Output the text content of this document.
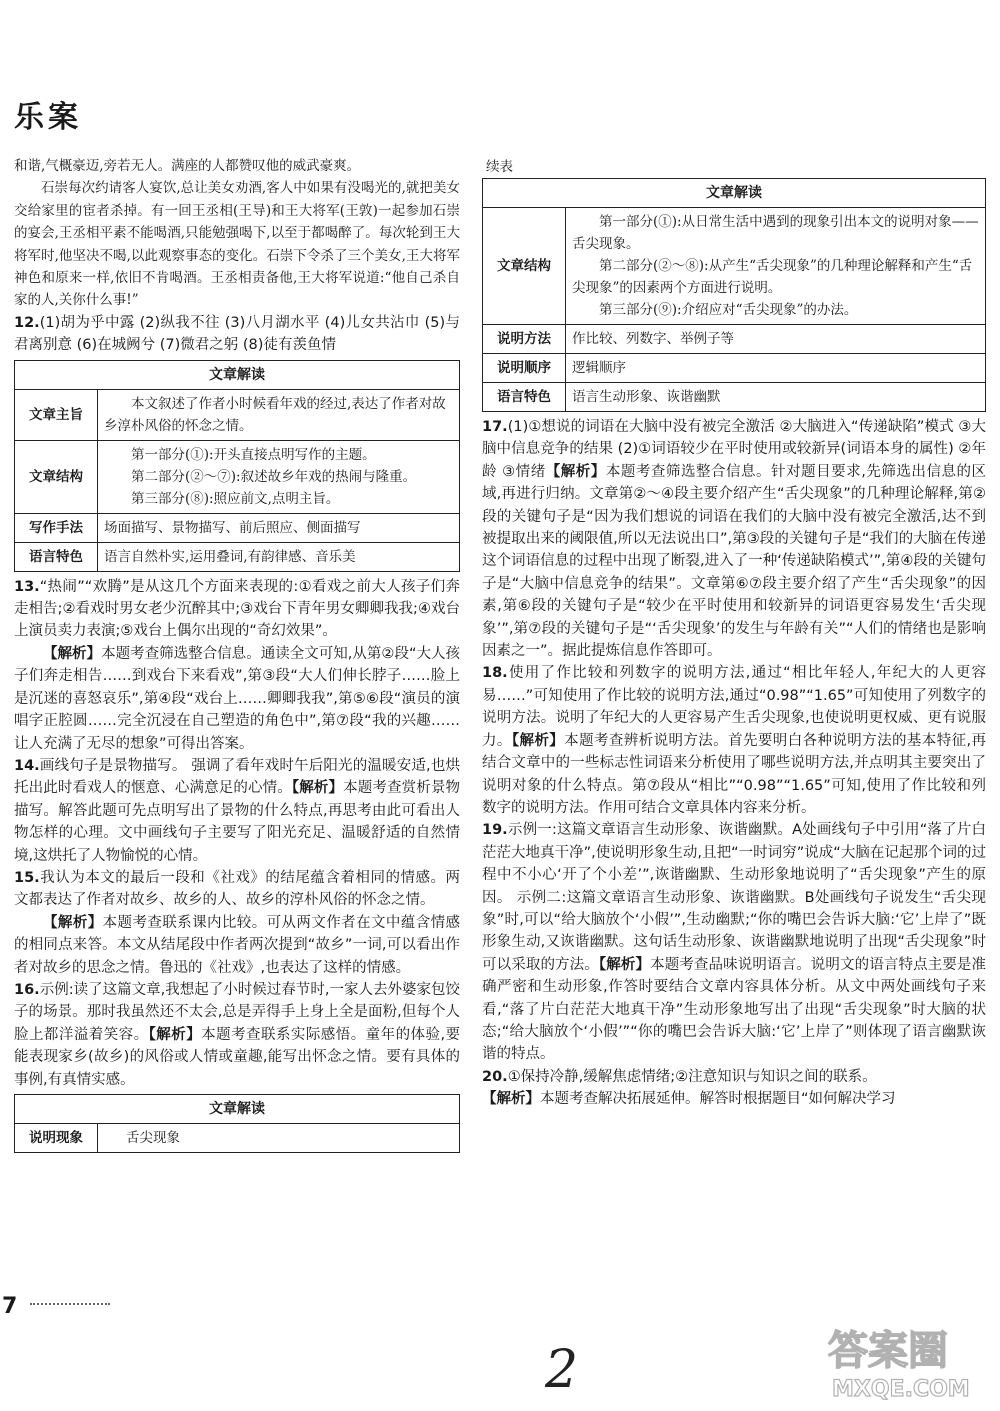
乐案

和谐,气概豪迈,旁若无人。满座的人都赞叹他的威武豪爽。

石崇每次约请客人宴饮,总让美女劝酒,客人中如果有没喝光的,就把美女交给家里的宦者杀掉。有一回王丞相(王导)和王大将军(王敦)一起参加石崇的宴会,王丞相平素不能喝酒,只能勉强喝下,以至于都喝醉了。每次轮到王大将军时,他坚决不喝,以此观察事态的变化。石崇下令杀了三个美女,王大将军神色和原来一样,依旧不肯喝酒。王丞相责备他,王大将军说道:“他自己杀自家的人,关你什么事!”

12.(1)胡为乎中露 (2)纵我不往 (3)八月湖水平 (4)儿女共沾巾 (5)与君离别意 (6)在城阙兮 (7)微君之躬 (8)徒有羡鱼情

文章解读	
文章主旨	本文叙述了作者小时候看年戏的经过,表达了作者对故乡淳朴风俗的怀念之情。

文章结构	第一部分(①):开头直接点明写作的主题。

第二部分(②～⑦):叙述故乡年戏的热闹与隆重。

第三部分(⑧):照应前文,点明主旨。

写作手法	场面描写、景物描写、前后照应、侧面描写

语言特色	语言自然朴实,运用叠词,有韵律感、音乐美

13.“热闹”“欢腾”是从这几个方面来表现的:①看戏之前大人孩子们奔走相告;②看戏时男女老少沉醉其中;③戏台下青年男女卿卿我我;④戏台上演员卖力表演;⑤戏台上偶尔出现的“奇幻效果”。

【解析】本题考查筛选整合信息。通读全文可知,从第②段“大人孩子们奔走相告……到戏台下来看戏”,第③段“大人们伸长脖子……脸上是沉迷的喜怒哀乐”,第④段“戏台上……卿卿我我”,第⑤⑥段“演员的演唱字正腔圆……完全沉浸在自己塑造的角色中”,第⑦段“我的兴趣……让人充满了无尽的想象”可得出答案。

14.画线句子是景物描写。 强调了看年戏时午后阳光的温暖安适,也烘托出此时看戏人的惬意、心满意足的心情。【解析】本题考查赏析景物描写。解答此题可先点明写出了景物的什么特点,再思考由此可看出人物怎样的心理。文中画线句子主要写了阳光充足、温暖舒适的自然情境,这烘托了人物愉悦的心情。

15.我认为本文的最后一段和《社戏》的结尾蕴含着相同的情感。两文都表达了作者对故乡、故乡的人、故乡的淳朴风俗的怀念之情。

【解析】本题考查联系课内比较。可从两文作者在文中蕴含情感的相同点来答。本文从结尾段中作者两次提到“故乡”一词,可以看出作者对故乡的思念之情。鲁迅的《社戏》,也表达了这样的情感。

16.示例:读了这篇文章,我想起了小时候过春节时,一家人去外婆家包饺子的场景。那时我虽然还不太会,总是弄得手上身上全是面粉,但每个人脸上都洋溢着笑容。【解析】本题考查联系实际感悟。童年的体验,要能表现家乡(故乡)的风俗或人情或童趣,能写出怀念之情。要有具体的事例,有真情实感。

文章解读
说明现象	舌尖现象

续表

文章解读	
文章结构	第一部分(①):从日常生活中遇到的现象引出本文的说明对象——舌尖现象。

第二部分(②～⑧):从产生“舌尖现象”的几种理论解释和产生“舌尖现象”的因素两个方面进行说明。

第三部分(⑨):介绍应对“舌尖现象”的办法。

说明方法	作比较、列数字、举例子等

说明顺序	逻辑顺序

语言特色	语言生动形象、诙谐幽默

17.(1)①想说的词语在大脑中没有被完全激活 ②大脑进入“传递缺陷”模式 ③大脑中信息竞争的结果 (2)①词语较少在平时使用或较新异(词语本身的属性) ②年龄 ③情绪【解析】本题考查筛选整合信息。针对题目要求,先筛选出信息的区域,再进行归纳。文章第②～④段主要介绍产生“舌尖现象”的几种理论解释,第②段的关键句子是“因为我们想说的词语在我们的大脑中没有被完全激活,达不到被提取出来的阈限值,所以无法说出口”,第③段的关键句子是“我们的大脑在传递这个词语信息的过程中出现了断裂,进入了一种‘传递缺陷模式’”,第④段的关键句子是“大脑中信息竞争的结果”。文章第⑥⑦段主要介绍了产生“舌尖现象”的因素,第⑥段的关键句子是“较少在平时使用和较新异的词语更容易发生‘舌尖现象’”,第⑦段的关键句子是“‘舌尖现象’的发生与年龄有关”“人们的情绪也是影响因素之一”。据此提炼信息作答即可。

18.使用了作比较和列数字的说明方法,通过“相比年轻人,年纪大的人更容易……”可知使用了作比较的说明方法,通过“0.98”“1.65”可知使用了列数字的说明方法。说明了年纪大的人更容易产生舌尖现象,也使说明更权威、更有说服力。【解析】本题考查辨析说明方法。首先要明白各种说明方法的基本特征,再结合文章中的一些标志性词语来分析使用了哪些说明方法,并点明其主要突出了说明对象的什么特点。第⑦段从“相比”“0.98”“1.65”可知,使用了作比较和列数字的说明方法。作用可结合文章具体内容来分析。

19.示例一:这篇文章语言生动形象、诙谐幽默。A处画线句子中引用“落了片白茫茫大地真干净”,使说明形象生动,且把“一时词穷”说成“大脑在记起那个词的过程中不小心‘开了个小差’”,诙谐幽默、生动形象地说明了“舌尖现象”产生的原因。 示例二:这篇文章语言生动形象、诙谐幽默。B处画线句子说发生“舌尖现象”时,可以“给大脑放个‘小假’”,生动幽默;“你的嘴巴会告诉大脑:‘它’上岸了”既形象生动,又诙谐幽默。这句话生动形象、诙谐幽默地说明了出现“舌尖现象”时可以采取的方法。【解析】本题考查品味说明语言。说明文的语言特点主要是准确严密和生动形象,作答时要结合文章内容具体分析。从文中两处画线句子来看,“落了片白茫茫大地真干净”生动形象地写出了出现“舌尖现象”时大脑的状态;“给大脑放个‘小假’”“你的嘴巴会告诉大脑:‘它’上岸了”则体现了语言幽默诙谐的特点。

20.①保持冷静,缓解焦虑情绪;②注意知识与知识之间的联系。

【解析】本题考查解决拓展延伸。解答时根据题目“如何解决学习

7
2	答案圈
MXQE.COM
